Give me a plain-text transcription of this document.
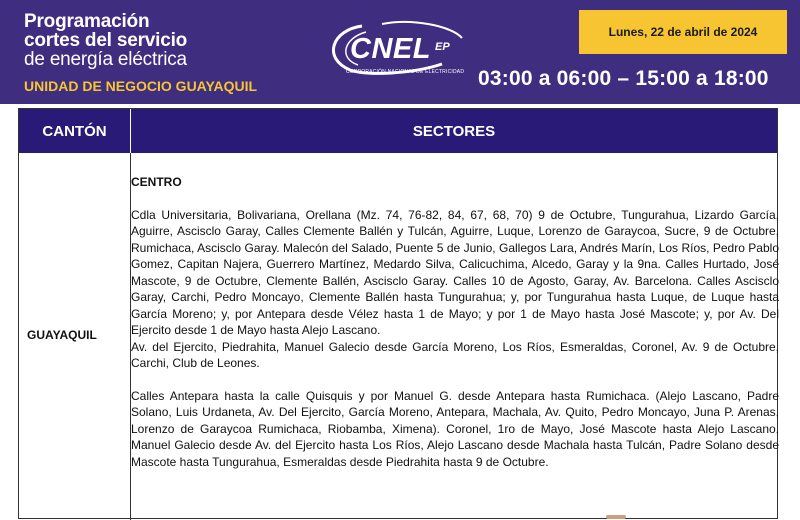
Programación
cortes del servicio
de energía eléctrica
UNIDAD DE NEGOCIO GUAYAQUIL
CNEL EP
CORPORACIÓN NACIONAL DE ELECTRICIDAD
Lunes, 22 de abril de 2024
03:00 a 06:00 – 15:00 a 18:00
CANTÓN	SECTORES
GUAYAQUIL
CENTRO
Cdla Universitaria, Bolivariana, Orellana (Mz. 74, 76-82, 84, 67, 68, 70) 9 de Octubre, Tungurahua, Lizardo García, Aguirre, Ascisclo Garay, Calles Clemente Ballén y Tulcán, Aguirre, Luque, Lorenzo de Garaycoa, Sucre, 9 de Octubre, Rumichaca, Ascisclo Garay. Malecón del Salado, Puente 5 de Junio, Gallegos Lara, Andrés Marín, Los Ríos, Pedro Pablo Gomez, Capitan Najera, Guerrero Martínez, Medardo Silva, Calicuchima, Alcedo, Garay y la 9na. Calles Hurtado, José Mascote, 9 de Octubre, Clemente Ballén, Ascisclo Garay. Calles 10 de Agosto, Garay, Av. Barcelona. Calles Ascisclo Garay, Carchi, Pedro Moncayo, Clemente Ballén hasta Tungurahua; y, por Tungurahua hasta Luque, de Luque hasta García Moreno; y, por Antepara desde Vélez hasta 1 de Mayo; y por 1 de Mayo hasta José Mascote; y, por Av. Del Ejercito desde 1 de Mayo hasta Alejo Lascano.
Av. del Ejercito, Piedrahita, Manuel Galecio desde García Moreno, Los Ríos, Esmeraldas, Coronel, Av. 9 de Octubre, Carchi, Club de Leones.
Calles Antepara hasta la calle Quisquis y por Manuel G. desde Antepara hasta Rumichaca. (Alejo Lascano, Padre Solano, Luis Urdaneta, Av. Del Ejercito, García Moreno, Antepara, Machala, Av. Quito, Pedro Moncayo, Juna P. Arenas, Lorenzo de Garaycoa Rumichaca, Riobamba, Ximena). Coronel, 1ro de Mayo, José Mascote hasta Alejo Lascano, Manuel Galecio desde Av. del Ejercito hasta Los Ríos, Alejo Lascano desde Machala hasta Tulcán, Padre Solano desde Mascote hasta Tungurahua, Esmeraldas desde Piedrahita hasta 9 de Octubre.
